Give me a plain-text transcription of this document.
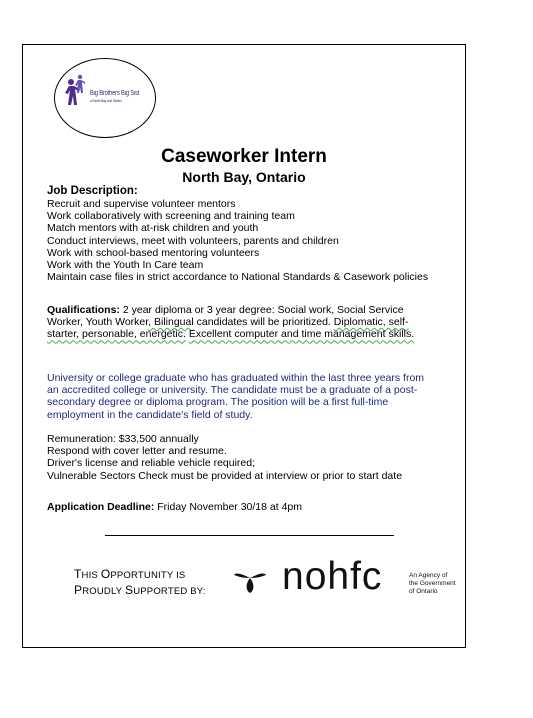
Big Brothers Big Sist
of North Bay and District
Caseworker Intern
North Bay, Ontario
Job Description:
Recruit and supervise volunteer mentors
Work collaboratively with screening and training team
Match mentors with at-risk children and youth
Conduct interviews, meet with volunteers, parents and children
Work with school-based mentoring volunteers
Work with the Youth In Care team
Maintain case files in strict accordance to National Standards & Casework policies
Qualifications: 2 year diploma or 3 year degree: Social work, Social Service
Worker, Youth Worker, Bilingual candidates will be prioritized. Diplomatic, self-
starter, personable, energetic. Excellent computer and time management skills.
University or college graduate who has graduated within the last three years from
an accredited college or university. The candidate must be a graduate of a post-
secondary degree or diploma program. The position will be a first full-time
employment in the candidate's field of study.
Remuneration: $33,500 annually
Respond with cover letter and resume.
Driver's license and reliable vehicle required;
Vulnerable Sectors Check must be provided at interview or prior to start date
Application Deadline: Friday November 30/18 at 4pm
THIS OPPORTUNITY IS
PROUDLY SUPPORTED BY: nohfc	An Agency of
the Government
of Ontario
